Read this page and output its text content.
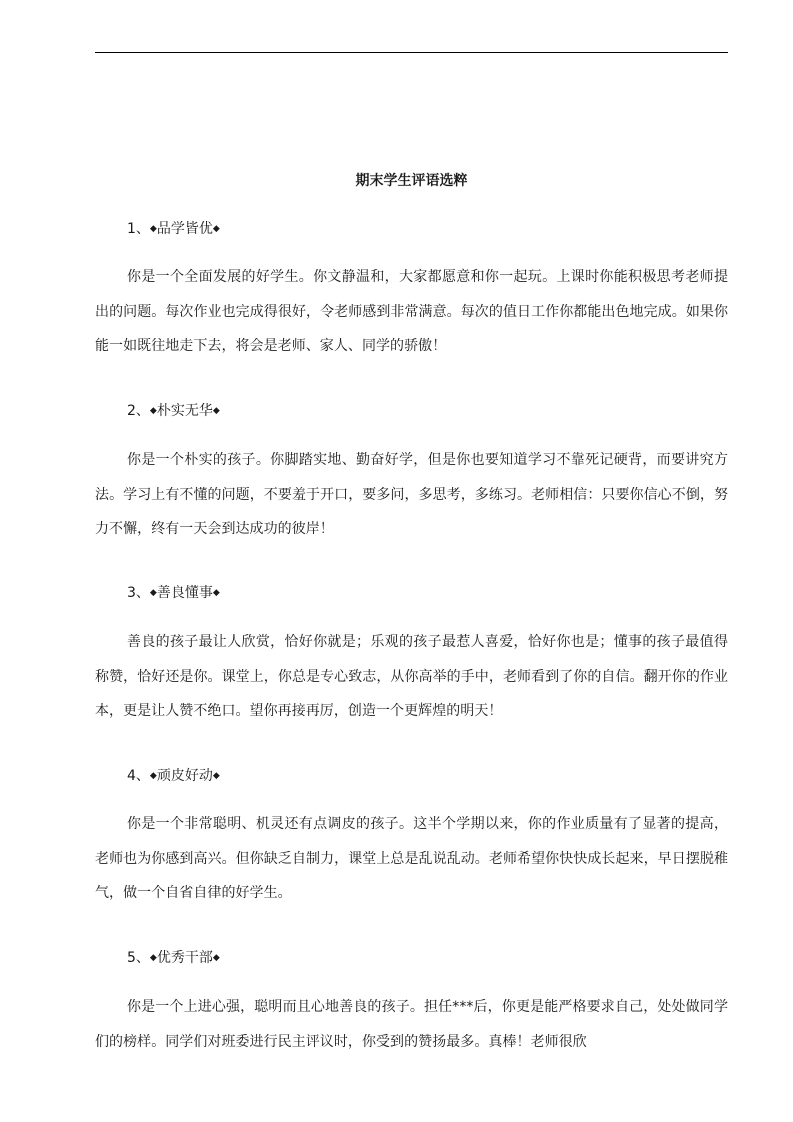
期末学生评语选粹

1、◆品学皆优◆

你是一个全面发展的好学生。你文静温和，大家都愿意和你一起玩。上课时你能积极思考老师提出的问题。每次作业也完成得很好，令老师感到非常满意。每次的值日工作你都能出色地完成。如果你能一如既往地走下去，将会是老师、家人、同学的骄傲！

2、◆朴实无华◆

你是一个朴实的孩子。你脚踏实地、勤奋好学，但是你也要知道学习不靠死记硬背，而要讲究方法。学习上有不懂的问题，不要羞于开口，要多问，多思考，多练习。老师相信：只要你信心不倒，努力不懈，终有一天会到达成功的彼岸！

3、◆善良懂事◆

善良的孩子最让人欣赏，恰好你就是；乐观的孩子最惹人喜爱，恰好你也是；懂事的孩子最值得称赞，恰好还是你。课堂上，你总是专心致志，从你高举的手中，老师看到了你的自信。翻开你的作业本，更是让人赞不绝口。望你再接再厉，创造一个更辉煌的明天！

4、◆顽皮好动◆

你是一个非常聪明、机灵还有点调皮的孩子。这半个学期以来，你的作业质量有了显著的提高，老师也为你感到高兴。但你缺乏自制力，课堂上总是乱说乱动。老师希望你快快成长起来，早日摆脱稚气，做一个自省自律的好学生。

5、◆优秀干部◆

你是一个上进心强，聪明而且心地善良的孩子。担任***后，你更是能严格要求自己，处处做同学们的榜样。同学们对班委进行民主评议时，你受到的赞扬最多。真棒！老师很欣
